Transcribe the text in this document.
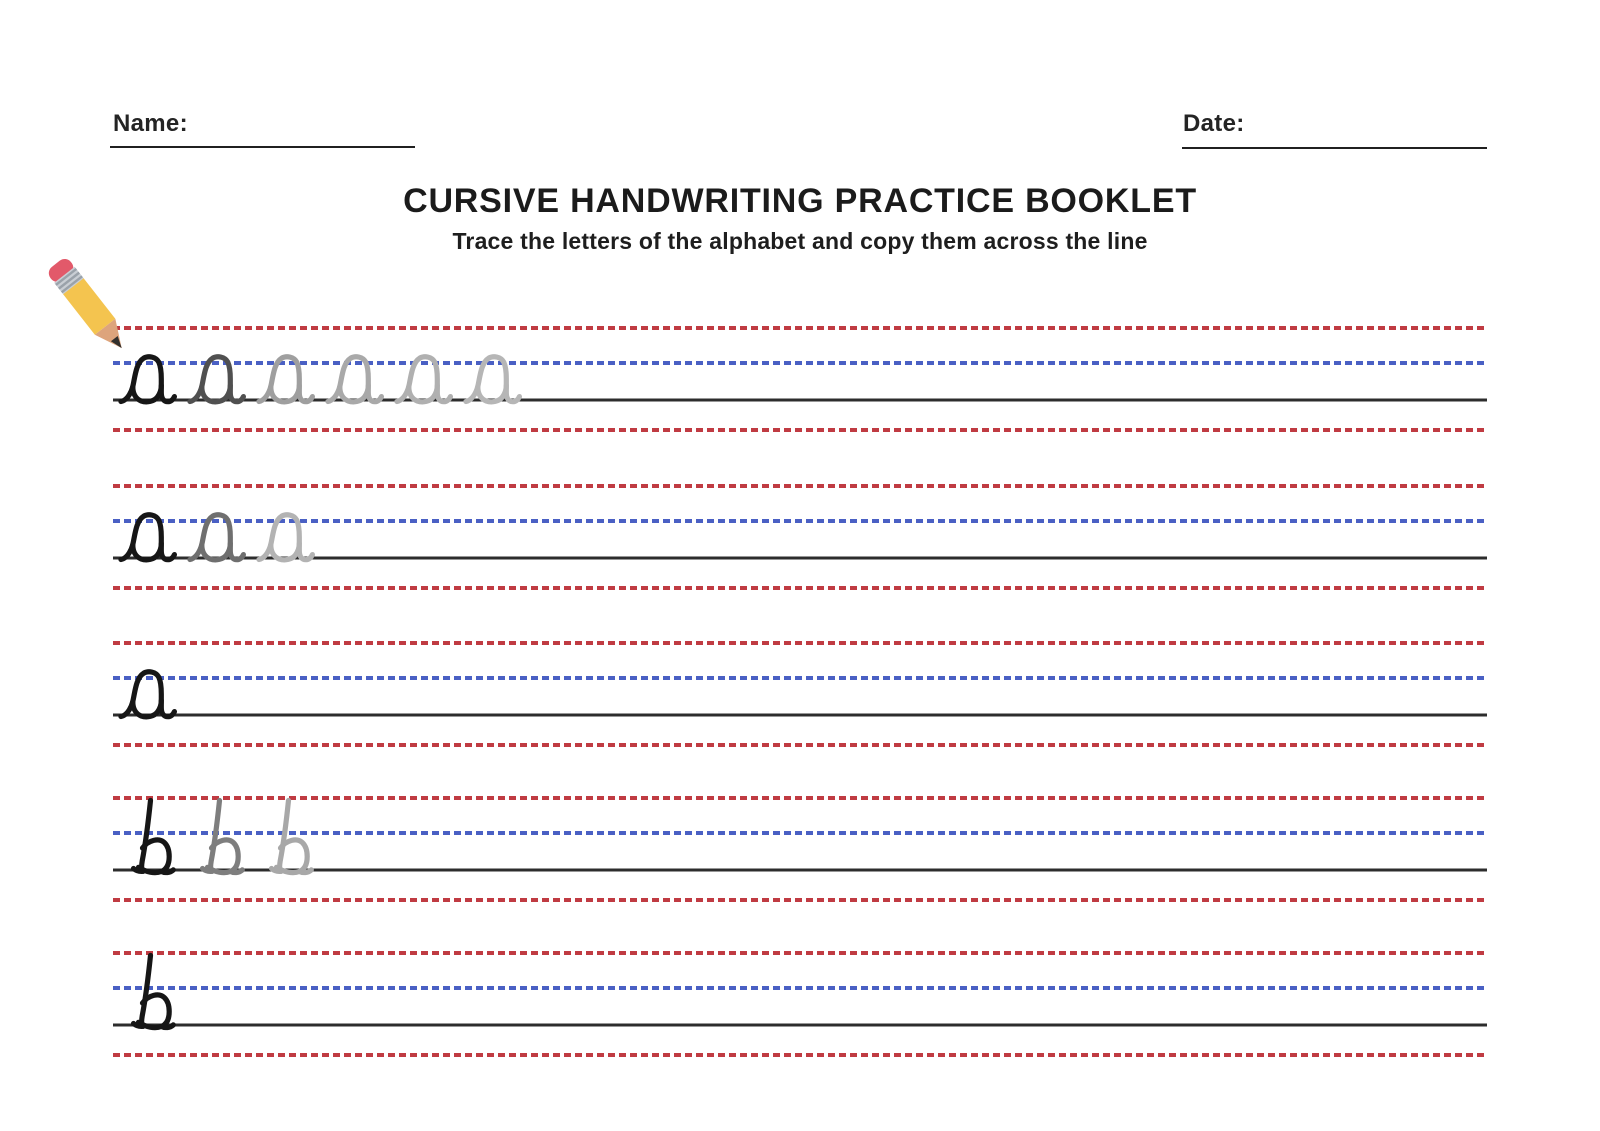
Name:	Date:
CURSIVE HANDWRITING PRACTICE BOOKLET
Trace the letters of the alphabet and copy them across the line
